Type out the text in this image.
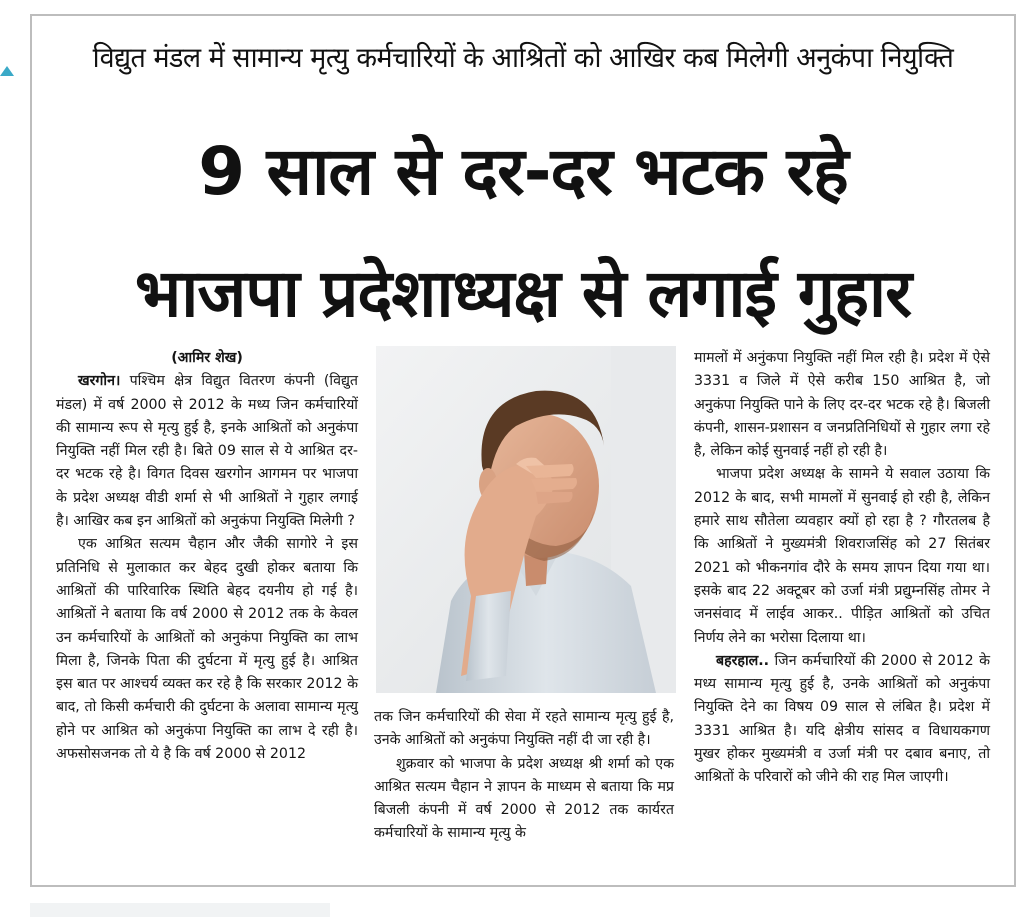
विद्युत मंडल में सामान्य मृत्यु कर्मचारियों के आश्रितों को आखिर कब मिलेगी अनुकंपा नियुक्ति
9 साल से दर-दर भटक रहे
भाजपा प्रदेशाध्यक्ष से लगाई गुहार

(आमिर शेख)

खरगोन। पश्चिम क्षेत्र विद्युत वितरण कंपनी (विद्युत मंडल) में वर्ष 2000 से 2012 के मध्य जिन कर्मचारियों की सामान्य रूप से मृत्यु हुई है, इनके आश्रितों को अनुकंपा नियुक्ति नहीं मिल रही है। बिते 09 साल से ये आश्रित दर-दर भटक रहे है। विगत दिवस खरगोन आगमन पर भाजपा के प्रदेश अध्यक्ष वीडी शर्मा से भी आश्रितों ने गुहार लगाई है। आखिर कब इन आश्रितों को अनुकंपा नियुक्ति मिलेगी ?

एक आश्रित सत्यम चैहान और जैकी सागोरे ने इस प्रतिनिधि से मुलाकात कर बेहद दुखी होकर बताया कि आश्रितों की पारिवारिक स्थिति बेहद दयनीय हो गई है। आश्रितों ने बताया कि वर्ष 2000 से 2012 तक के केवल उन कर्मचारियों के आश्रितों को अनुकंपा नियुक्ति का लाभ मिला है, जिनके पिता की दुर्घटना में मृत्यु हुई है। आश्रित इस बात पर आश्चर्य व्यक्त कर रहे है कि सरकार 2012 के बाद, तो किसी कर्मचारी की दुर्घटना के अलावा सामान्य मृत्यु होने पर आश्रित को अनुकंपा नियुक्ति का लाभ दे रही है। अफसोसजनक तो ये है कि वर्ष 2000 से 2012

तक जिन कर्मचारियों की सेवा में रहते सामान्य मृत्यु हुई है, उनके आश्रितों को अनुकंपा नियुक्ति नहीं दी जा रही है।

शुक्रवार को भाजपा के प्रदेश अध्यक्ष श्री शर्मा को एक आश्रित सत्यम चैहान ने ज्ञापन के माध्यम से बताया कि मप्र बिजली कंपनी में वर्ष 2000 से 2012 तक कार्यरत कर्मचारियों के सामान्य मृत्यु के

मामलों में अनुंकपा नियुक्ति नहीं मिल रही है। प्रदेश में ऐसे 3331 व जिले में ऐसे करीब 150 आश्रित है, जो अनुकंपा नियुक्ति पाने के लिए दर-दर भटक रहे है। बिजली कंपनी, शासन-प्रशासन व जनप्रतिनिधियों से गुहार लगा रहे है, लेकिन कोई सुनवाई नहीं हो रही है।

भाजपा प्रदेश अध्यक्ष के सामने ये सवाल उठाया कि 2012 के बाद, सभी मामलों में सुनवाई हो रही है, लेकिन हमारे साथ सौतेला व्यवहार क्यों हो रहा है ? गौरतलब है कि आश्रितों ने मुख्यमंत्री शिवराजसिंह को 27 सितंबर 2021 को भीकनगांव दौरे के समय ज्ञापन दिया गया था। इसके बाद 22 अक्टूबर को उर्जा मंत्री प्रद्युम्नसिंह तोमर ने जनसंवाद में लाईव आकर.. पीड़ित आश्रितों को उचित निर्णय लेने का भरोसा दिलाया था।

बहरहाल.. जिन कर्मचारियों की 2000 से 2012 के मध्य सामान्य मृत्यु हुई है, उनके आश्रितों को अनुकंपा नियुक्ति देने का विषय 09 साल से लंबित है। प्रदेश में 3331 आश्रित है। यदि क्षेत्रीय सांसद व विधायकगण मुखर होकर मुख्यमंत्री व उर्जा मंत्री पर दबाव बनाए, तो आश्रितों के परिवारों को जीने की राह मिल जाएगी।
